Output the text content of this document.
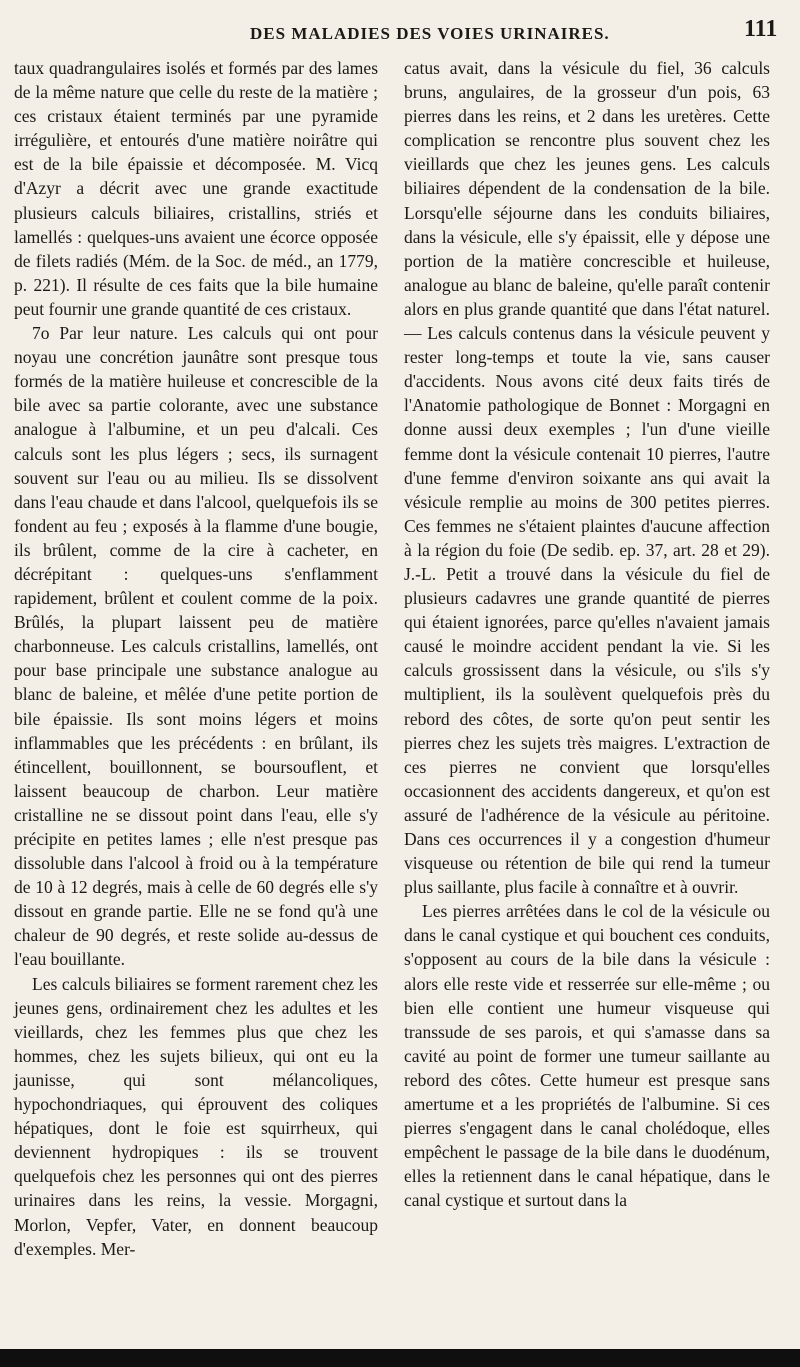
DES MALADIES DES VOIES URINAIRES.	111

taux quadrangulaires isolés et formés par des lames de la même nature que celle du reste de la matière ; ces cristaux étaient terminés par une pyramide irrégulière, et entourés d'une matière noirâtre qui est de la bile épaissie et décomposée. M. Vicq d'Azyr a décrit avec une grande exactitude plusieurs calculs biliaires, cristallins, striés et lamellés : quelques-uns avaient une écorce opposée de filets radiés (Mém. de la Soc. de méd., an 1779, p. 221). Il résulte de ces faits que la bile humaine peut fournir une grande quantité de ces cristaux.

7o Par leur nature. Les calculs qui ont pour noyau une concrétion jaunâtre sont presque tous formés de la matière huileuse et concrescible de la bile avec sa partie colorante, avec une substance analogue à l'albumine, et un peu d'alcali. Ces calculs sont les plus légers ; secs, ils surnagent souvent sur l'eau ou au milieu. Ils se dissolvent dans l'eau chaude et dans l'alcool, quelquefois ils se fondent au feu ; exposés à la flamme d'une bougie, ils brûlent, comme de la cire à cacheter, en décrépitant : quelques-uns s'enflamment rapidement, brûlent et coulent comme de la poix. Brûlés, la plupart laissent peu de matière charbonneuse. Les calculs cristallins, lamellés, ont pour base principale une substance analogue au blanc de baleine, et mêlée d'une petite portion de bile épaissie. Ils sont moins légers et moins inflammables que les précédents : en brûlant, ils étincellent, bouillonnent, se boursouflent, et laissent beaucoup de charbon. Leur matière cristalline ne se dissout point dans l'eau, elle s'y précipite en petites lames ; elle n'est presque pas dissoluble dans l'alcool à froid ou à la température de 10 à 12 degrés, mais à celle de 60 degrés elle s'y dissout en grande partie. Elle ne se fond qu'à une chaleur de 90 degrés, et reste solide au-dessus de l'eau bouillante.

Les calculs biliaires se forment rarement chez les jeunes gens, ordinairement chez les adultes et les vieillards, chez les femmes plus que chez les hommes, chez les sujets bilieux, qui ont eu la jaunisse, qui sont mélancoliques, hypochondriaques, qui éprouvent des coliques hépatiques, dont le foie est squirrheux, qui deviennent hydropiques : ils se trouvent quelquefois chez les personnes qui ont des pierres urinaires dans les reins, la vessie. Morgagni, Morlon, Vepfer, Vater, en donnent beaucoup d'exemples. Mer-

catus avait, dans la vésicule du fiel, 36 calculs bruns, angulaires, de la grosseur d'un pois, 63 pierres dans les reins, et 2 dans les uretères. Cette complication se rencontre plus souvent chez les vieillards que chez les jeunes gens. Les calculs biliaires dépendent de la condensation de la bile. Lorsqu'elle séjourne dans les conduits biliaires, dans la vésicule, elle s'y épaissit, elle y dépose une portion de la matière concrescible et huileuse, analogue au blanc de baleine, qu'elle paraît contenir alors en plus grande quantité que dans l'état naturel. — Les calculs contenus dans la vésicule peuvent y rester long-temps et toute la vie, sans causer d'accidents. Nous avons cité deux faits tirés de l'Anatomie pathologique de Bonnet : Morgagni en donne aussi deux exemples ; l'un d'une vieille femme dont la vésicule contenait 10 pierres, l'autre d'une femme d'environ soixante ans qui avait la vésicule remplie au moins de 300 petites pierres. Ces femmes ne s'étaient plaintes d'aucune affection à la région du foie (De sedib. ep. 37, art. 28 et 29). J.-L. Petit a trouvé dans la vésicule du fiel de plusieurs cadavres une grande quantité de pierres qui étaient ignorées, parce qu'elles n'avaient jamais causé le moindre accident pendant la vie. Si les calculs grossissent dans la vésicule, ou s'ils s'y multiplient, ils la soulèvent quelquefois près du rebord des côtes, de sorte qu'on peut sentir les pierres chez les sujets très maigres. L'extraction de ces pierres ne convient que lorsqu'elles occasionnent des accidents dangereux, et qu'on est assuré de l'adhérence de la vésicule au péritoine. Dans ces occurrences il y a congestion d'humeur visqueuse ou rétention de bile qui rend la tumeur plus saillante, plus facile à connaître et à ouvrir.

Les pierres arrêtées dans le col de la vésicule ou dans le canal cystique et qui bouchent ces conduits, s'opposent au cours de la bile dans la vésicule : alors elle reste vide et resserrée sur elle-même ; ou bien elle contient une humeur visqueuse qui transsude de ses parois, et qui s'amasse dans sa cavité au point de former une tumeur saillante au rebord des côtes. Cette humeur est presque sans amertume et a les propriétés de l'albumine. Si ces pierres s'engagent dans le canal cholédoque, elles empêchent le passage de la bile dans le duodénum, elles la retiennent dans le canal hépatique, dans le canal cystique et surtout dans la
